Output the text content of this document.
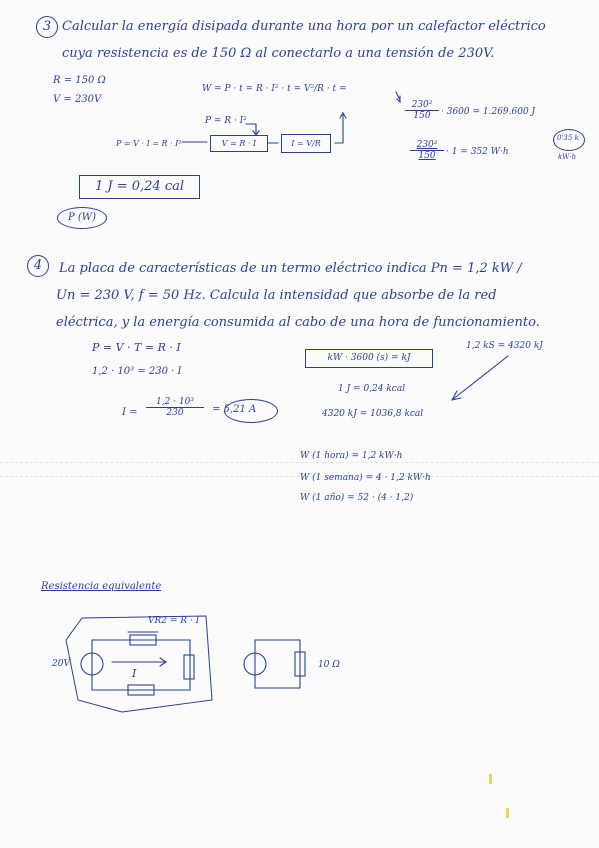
3 Calcular la energía disipada durante una hora por un calefactor eléctrico
cuya resistencia es de 150 Ω al conectarlo a una tensión de 230V.
R = 150 Ω
V = 230V
W = P · t = R · I² · t = V²/R · t =
P = R · I²	$\frac{\text{230²}}{150} \cdot 3600 = 1.269.600$ J
$\frac{\text{230²}}{150} \cdot 1 = 352$ W·h
0'35 k
kW·h
P = V · I = R · I²	V = R · I	I = V/R
1 J = 0,24 cal
P (W)
4	La placa de características de un termo eléctrico indica Pn = 1,2 kW /
Un = 230 V, f = 50 Hz. Calcula la intensidad que absorbe de la red
eléctrica, y la energía consumida al cabo de una hora de funcionamiento.
P = V · T = R · I
1,2 · 10³ = 230 · I
$I = \frac{\text{1,2 · 10³}}{230} = 5,21$ A
kW · 3600 (s) = kJ
1,2 kS = 4320 kJ
1 J = 0,24 kcal
4320 kJ = 1036,8 kcal
W (1 hora) = 1,2 kW·h
W (1 semana) = 4 · 1,2 kW·h
W (1 año) = 52 · (4 · 1,2)
Resistencia equivalente
VR2 = R · I
20V
I
10 Ω
